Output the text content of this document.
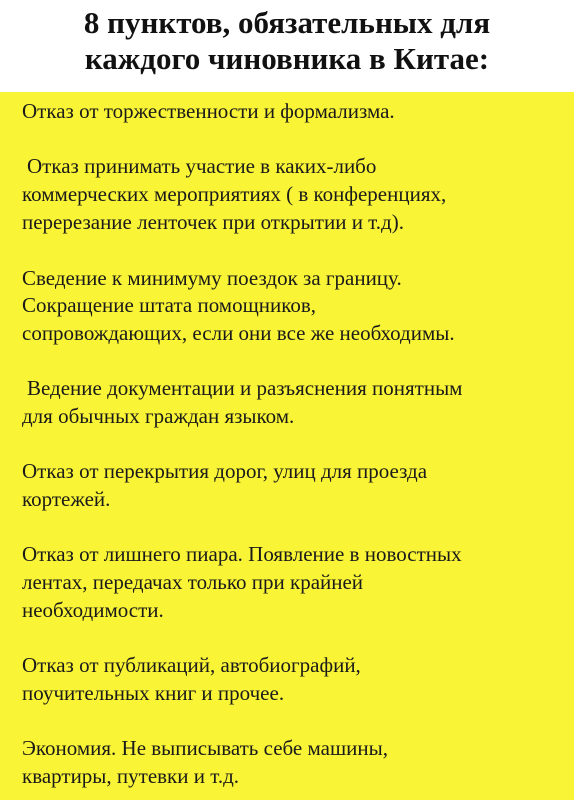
8 пунктов, обязательных для
каждого чиновника в Китае:
Отказ от торжественности и формализма.
Отказ принимать участие в каких-либо
коммерческих мероприятиях ( в конференциях,
перерезание ленточек при открытии и т.д).
Сведение к минимуму поездок за границу.
Сокращение штата помощников,
сопровождающих, если они все же необходимы.
Ведение документации и разъяснения понятным
для обычных граждан языком.
Отказ от перекрытия дорог, улиц для проезда
кортежей.
Отказ от лишнего пиара. Появление в новостных
лентах, передачах только при крайней
необходимости.
Отказ от публикаций, автобиографий,
поучительных книг и прочее.
Экономия. Не выписывать себе машины,
квартиры, путевки и т.д.
